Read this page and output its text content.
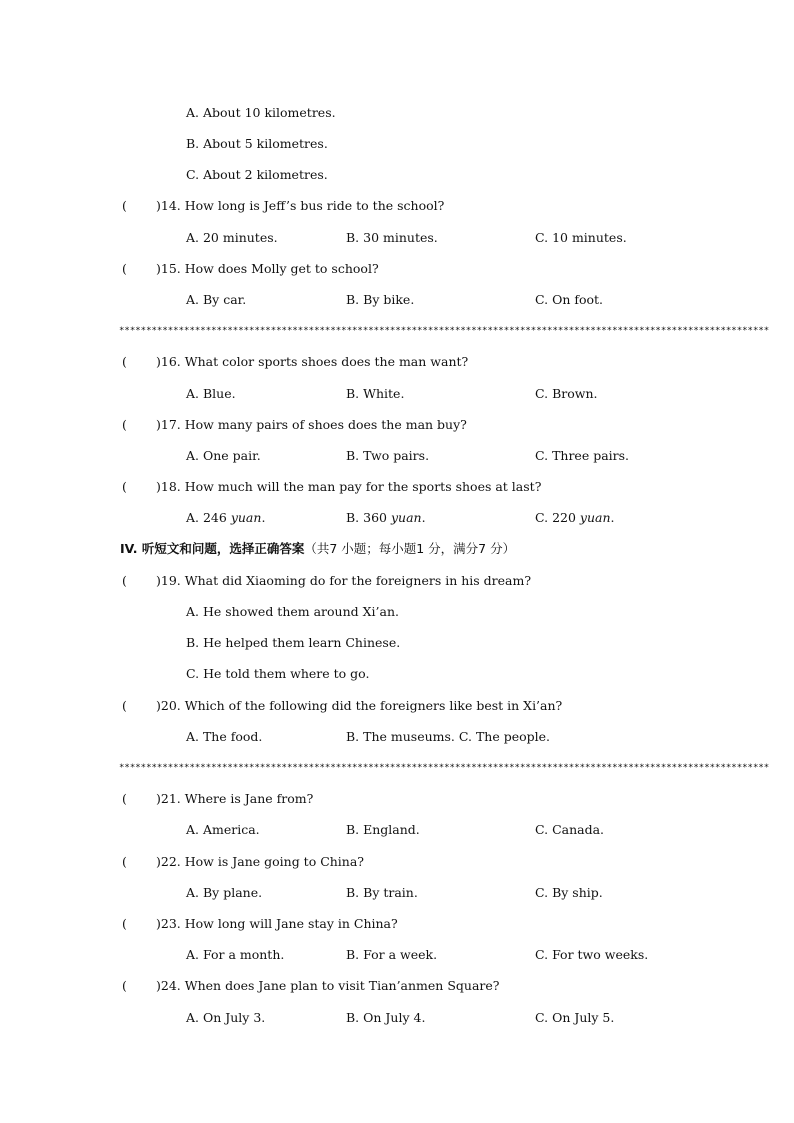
A. About 10 kilometres.
B. About 5 kilometres.
C. About 2 kilometres.
( )14. How long is Jeff’s bus ride to the school?

A. 20 minutes.

	B. 30 minutes.

	C. 10 minutes.

( )15. How does Molly get to school?

A. By car.

	B. By bike.

	C. On foot.

************************************************************************************************************************
( )16. What color sports shoes does the man want?

A. Blue.

	B. White.

	C. Brown.

( )17. How many pairs of shoes does the man buy?

A. One pair.

	B. Two pairs.

	C. Three pairs.

( )18. How much will the man pay for the sports shoes at last?

A. 246 yuan.

	B. 360 yuan.

	C. 220 yuan.

IV. 听短文和问题，选择正确答案（共7 小题；每小题1 分，满分7 分）
( )19. What did Xiaoming do for the foreigners in his dream?
A. He showed them around Xi’an.
B. He helped them learn Chinese.
C. He told them where to go.
( )20. Which of the following did the foreigners like best in Xi’an?

A. The food.

	B. The museums. C. The people.

************************************************************************************************************************
( )21. Where is Jane from?

A. America.

	B. England.

	C. Canada.

( )22. How is Jane going to China?

A. By plane.

	B. By train.

	C. By ship.

( )23. How long will Jane stay in China?

A. For a month.

	B. For a week.

	C. For two weeks.

( )24. When does Jane plan to visit Tian’anmen Square?

A. On July 3.

	B. On July 4.

	C. On July 5.
